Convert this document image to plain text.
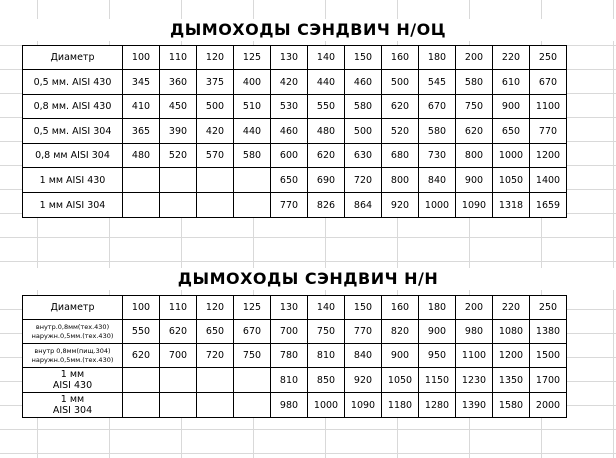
ДЫМОХОДЫ СЭНДВИЧ Н/ОЦ
Диаметр	100	110	120	125	130	140	150	160	180	200	220	250

0,5 мм. AISI 430	345	360	375	400	420	440	460	500	545	580	610	670

0,8 мм. AISI 430	410	450	500	510	530	550	580	620	670	750	900	1100

0,5 мм. AISI 304	365	390	420	440	460	480	500	520	580	620	650	770

0,8 мм AISI 304	480	520	570	580	600	620	630	680	730	800	1000	1200

1 мм AISI 430					650	690	720	800	840	900	1050	1400

1 мм AISI 304					770	826	864	920	1000	1090	1318	1659
ДЫМОХОДЫ СЭНДВИЧ Н/Н
Диаметр	100	110	120	125	130	140	150	160	180	200	220	250

внутр.0,8мм(тех.430)
наружн.0,5мм.(тех.430)	550	620	650	670	700	750	770	820	900	980	1080	1380

внутр 0,8мм(пищ.304)
наружн.0,5мм.(тех.430)	620	700	720	750	780	810	840	900	950	1100	1200	1500

1 мм
AISI 430					810	850	920	1050	1150	1230	1350	1700

1 мм
AISI 304					980	1000	1090	1180	1280	1390	1580	2000
